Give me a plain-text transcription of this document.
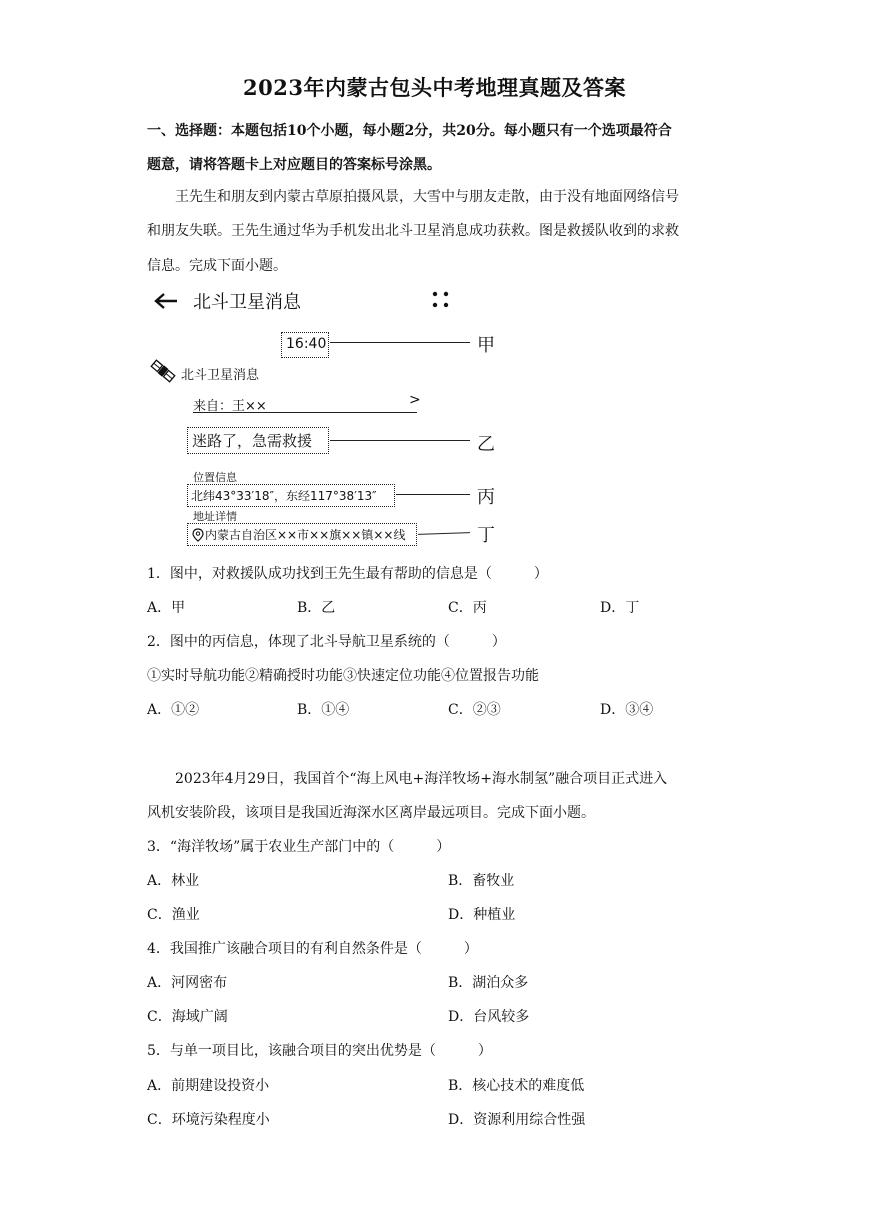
2023年内蒙古包头中考地理真题及答案
一、选择题：本题包括10个小题，每小题2分，共20分。每小题只有一个选项最符合
题意，请将答题卡上对应题目的答案标号涂黑。
王先生和朋友到内蒙古草原拍摄风景，大雪中与朋友走散，由于没有地面网络信号
和朋友失联。王先生通过华为手机发出北斗卫星消息成功获救。图是救援队收到的求救
信息。完成下面小题。
北斗卫星消息
16:40	甲
北斗卫星消息
来自：王××	>
迷路了，急需救援	乙
位置信息
北纬43°33′18″，东经117°38′13″	丙
地址详情
内蒙古自治区××市××旗××镇××线	丁
1．图中，对救援队成功找到王先生最有帮助的信息是（　　　）
A．甲	B．乙	C．丙	D．丁
2．图中的丙信息，体现了北斗导航卫星系统的（　　　）
①实时导航功能②精确授时功能③快速定位功能④位置报告功能
A．①②	B．①④	C．②③	D．③④
2023年4月29日，我国首个“海上风电+海洋牧场+海水制氢”融合项目正式进入
风机安装阶段，该项目是我国近海深水区离岸最远项目。完成下面小题。
3．“海洋牧场”属于农业生产部门中的（　　　）
A．林业	B．畜牧业
C．渔业	D．种植业
4．我国推广该融合项目的有利自然条件是（　　　）
A．河网密布	B．湖泊众多
C．海域广阔	D．台风较多
5．与单一项目比，该融合项目的突出优势是（　　　）
A．前期建设投资小	B．核心技术的难度低
C．环境污染程度小	D．资源利用综合性强
